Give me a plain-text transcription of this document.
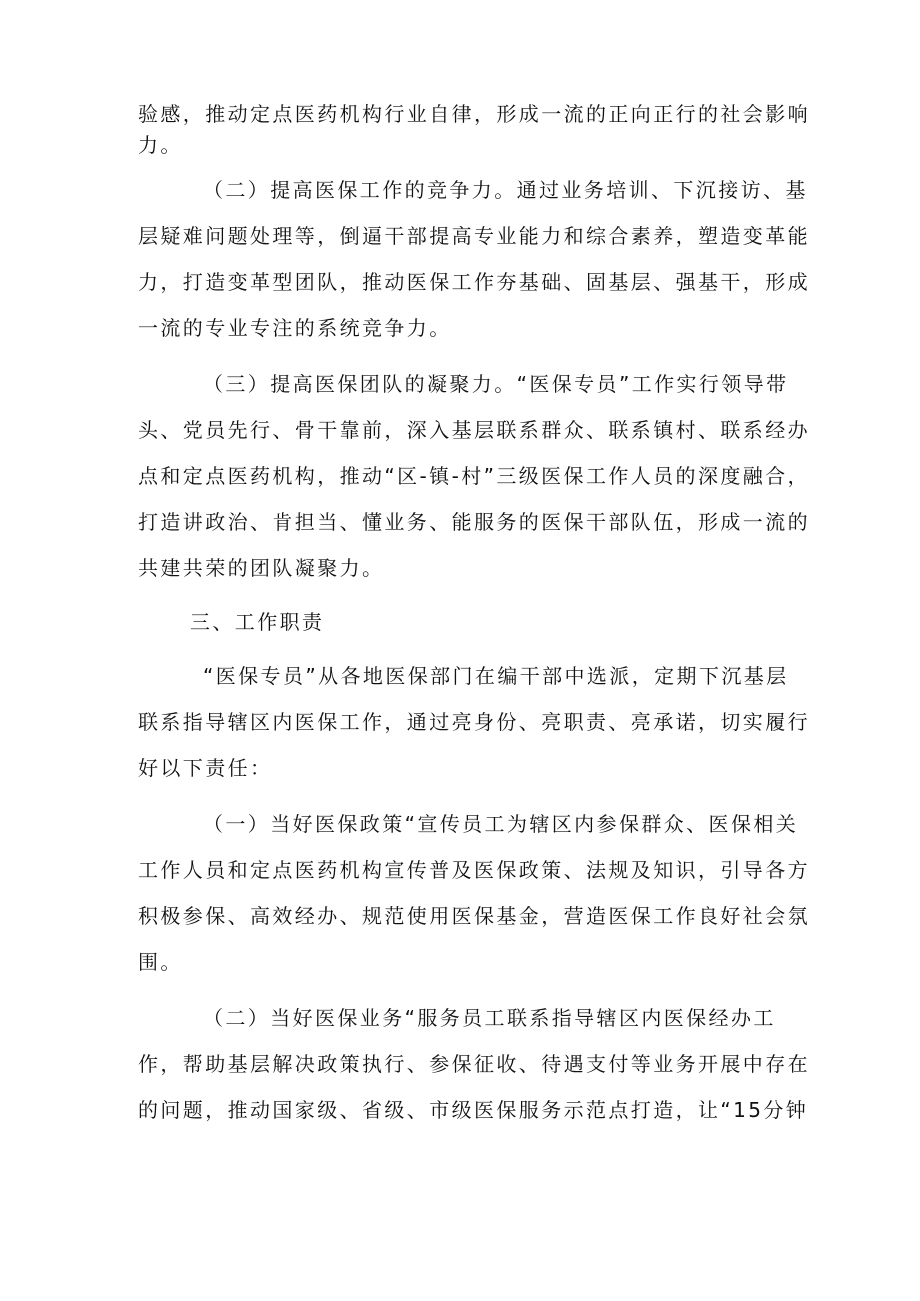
验感，推动定点医药机构行业自律，形成一流的正向正行的社会影响
力。
（二）提高医保工作的竞争力。通过业务培训、下沉接访、基
层疑难问题处理等，倒逼干部提高专业能力和综合素养，塑造变革能
力，打造变革型团队，推动医保工作夯基础、固基层、强基干，形成
一流的专业专注的系统竞争力。
（三）提高医保团队的凝聚力。“医保专员”工作实行领导带
头、党员先行、骨干靠前，深入基层联系群众、联系镇村、联系经办
点和定点医药机构，推动“区-镇-村”三级医保工作人员的深度融合，
打造讲政治、肯担当、懂业务、能服务的医保干部队伍，形成一流的
共建共荣的团队凝聚力。
三、工作职责
“医保专员”从各地医保部门在编干部中选派，定期下沉基层
联系指导辖区内医保工作，通过亮身份、亮职责、亮承诺，切实履行
好以下责任：
（一）当好医保政策“宣传员工为辖区内参保群众、医保相关
工作人员和定点医药机构宣传普及医保政策、法规及知识，引导各方
积极参保、高效经办、规范使用医保基金，营造医保工作良好社会氛
围。
（二）当好医保业务“服务员工联系指导辖区内医保经办工
作，帮助基层解决政策执行、参保征收、待遇支付等业务开展中存在
的问题，推动国家级、省级、市级医保服务示范点打造，让“15分钟
